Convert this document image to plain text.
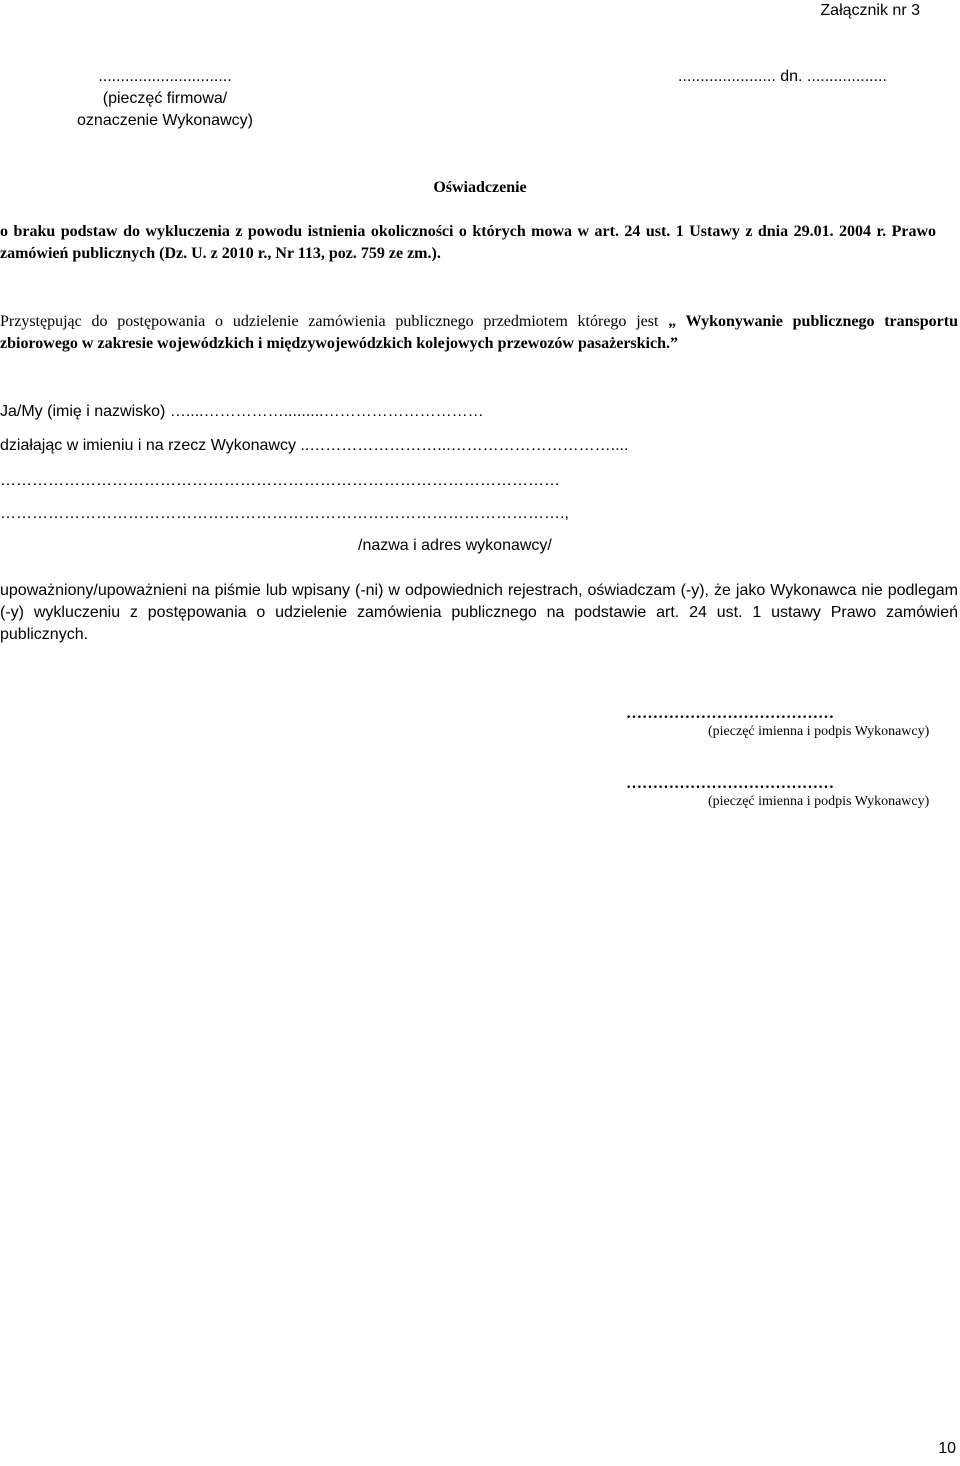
Załącznik nr 3
..............................
(pieczęć firmowa/
oznaczenie Wykonawcy)
...................... dn. ..................
Oświadczenie
o braku podstaw do wykluczenia z powodu istnienia okoliczności o których mowa w art. 24 ust. 1 Ustawy z dnia 29.01. 2004 r. Prawo zamówień publicznych (Dz. U. z 2010 r., Nr 113, poz. 759 ze zm.).
Przystępując do postępowania o udzielenie zamówienia publicznego przedmiotem którego jest „ Wykonywanie publicznego transportu zbiorowego w zakresie wojewódzkich i międzywojewódzkich kolejowych przewozów pasażerskich.”
Ja/My (imię i nazwisko) …....…………….........…………………………
działając w imieniu i na rzecz Wykonawcy ..……………………...…………………………....
……………………………………………………………………………………………
…………………………………………………………………………………………….,
/nazwa i adres wykonawcy/
upoważniony/upoważnieni na piśmie lub wpisany (-ni) w odpowiednich rejestrach, oświadczam (-y), że jako Wykonawca nie podlegam (-y) wykluczeniu z postępowania o udzielenie zamówienia publicznego na podstawie art. 24 ust. 1 ustawy Prawo zamówień publicznych.
…………………………………
(pieczęć imienna i podpis Wykonawcy)
…………………………………
(pieczęć imienna i podpis Wykonawcy)
10
